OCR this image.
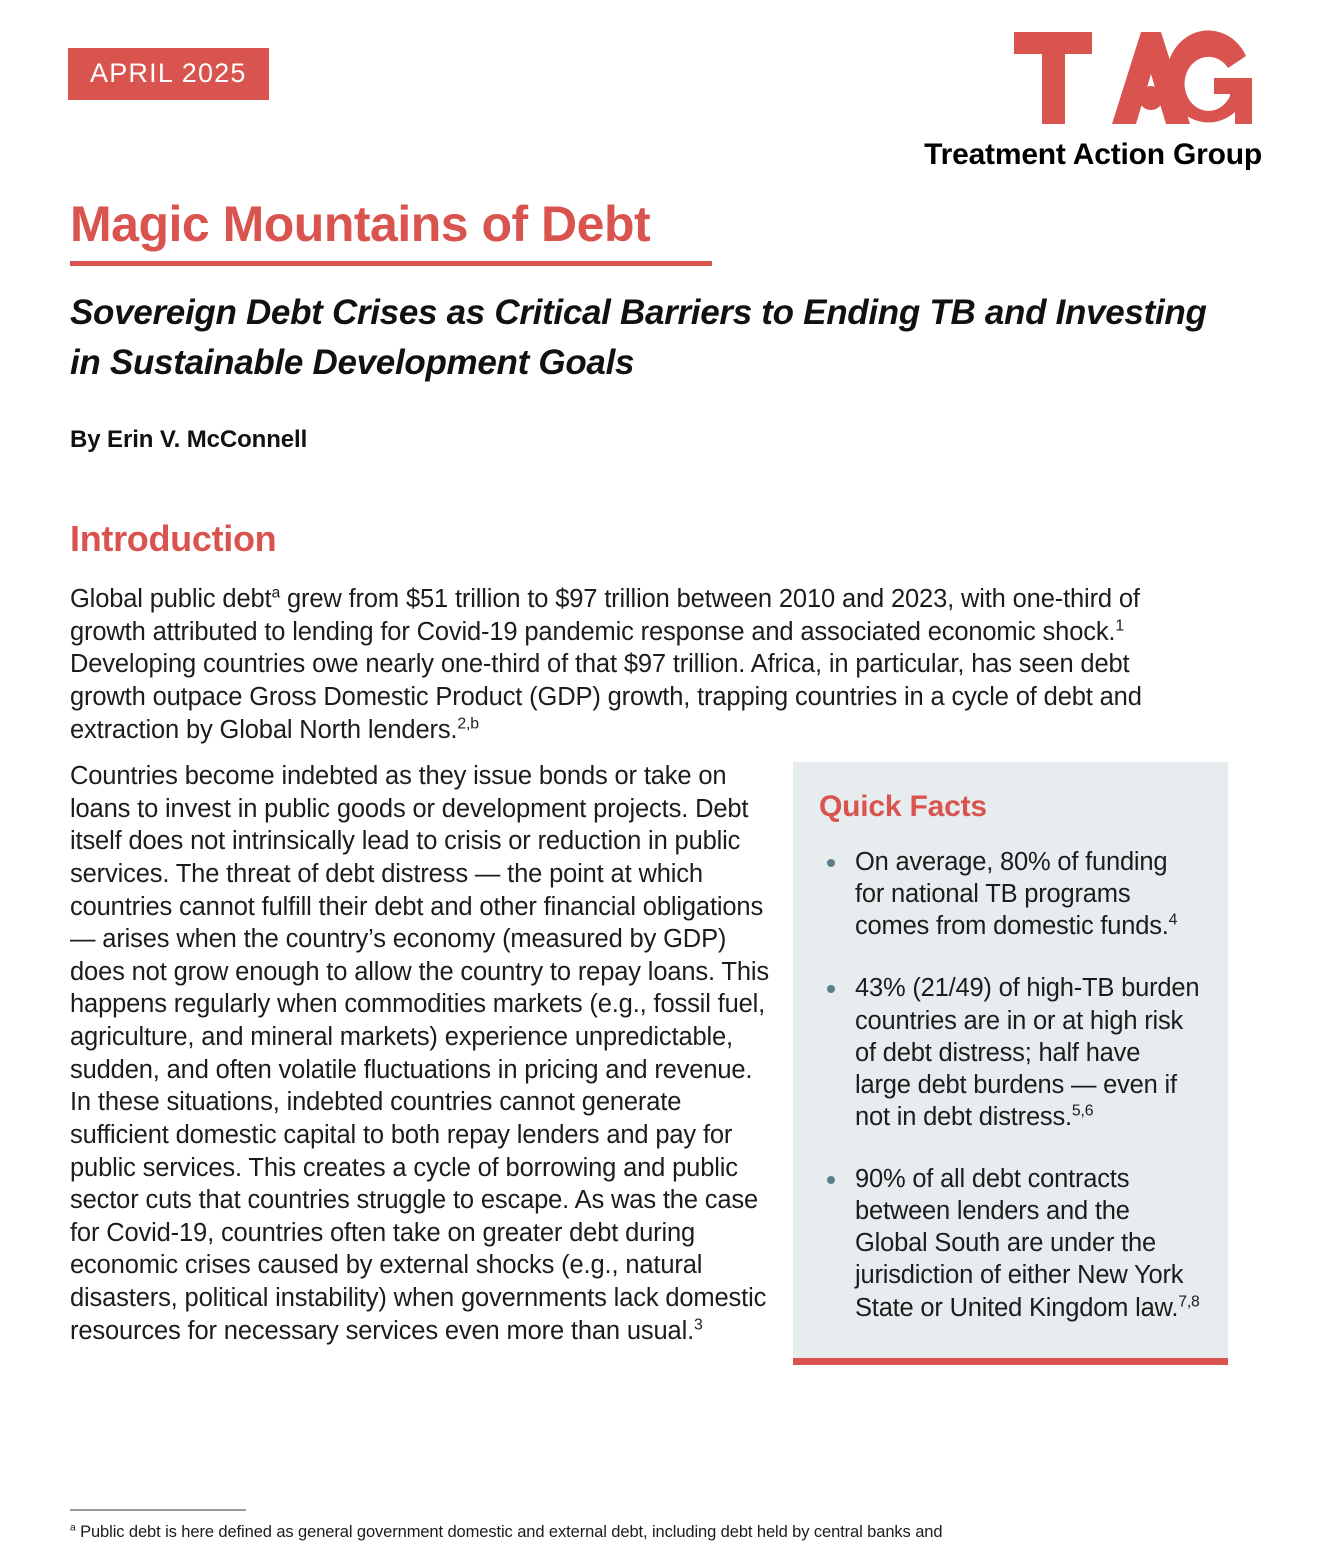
APRIL 2025
Treatment Action Group
Magic Mountains of Debt
Sovereign Debt Crises as Critical Barriers to Ending TB and Investing in Sustainable Development Goals
By Erin V. McConnell
Introduction

Global public debt$^a$ grew from $51 trillion to $97 trillion between 2010 and 2023, with one-third of growth attributed to lending for Covid-19 pandemic response and associated economic shock.$^1$ Developing countries owe nearly one-third of that $97 trillion. Africa, in particular, has seen debt growth outpace Gross Domestic Product (GDP) growth, trapping countries in a cycle of debt and extraction by Global North lenders.$^{2,b}$

Countries become indebted as they issue bonds or take on loans to invest in public goods or development projects. Debt itself does not intrinsically lead to crisis or reduction in public services. The threat of debt distress — the point at which countries cannot fulfill their debt and other financial obligations — arises when the country’s economy (measured by GDP) does not grow enough to allow the country to repay loans. This happens regularly when commodities markets (e.g., fossil fuel, agriculture, and mineral markets) experience unpredictable, sudden, and often volatile fluctuations in pricing and revenue. In these situations, indebted countries cannot generate sufficient domestic capital to both repay lenders and pay for public services. This creates a cycle of borrowing and public sector cuts that countries struggle to escape. As was the case for Covid-19, countries often take on greater debt during economic crises caused by external shocks (e.g., natural disasters, political instability) when governments lack domestic resources for necessary services even more than usual.$^3$

Quick Facts
On average, 80% of funding for national TB programs comes from domestic funds.$^4$
43% (21/49) of high-TB burden countries are in or at high risk of debt distress; half have large debt burdens — even if not in debt distress.$^{5,6}$
90% of all debt contracts between lenders and the Global South are under the jurisdiction of either New York State or United Kingdom law.$^{7,8}$

$^a$ Public debt is here defined as general government domestic and external debt, including debt held by central banks and
